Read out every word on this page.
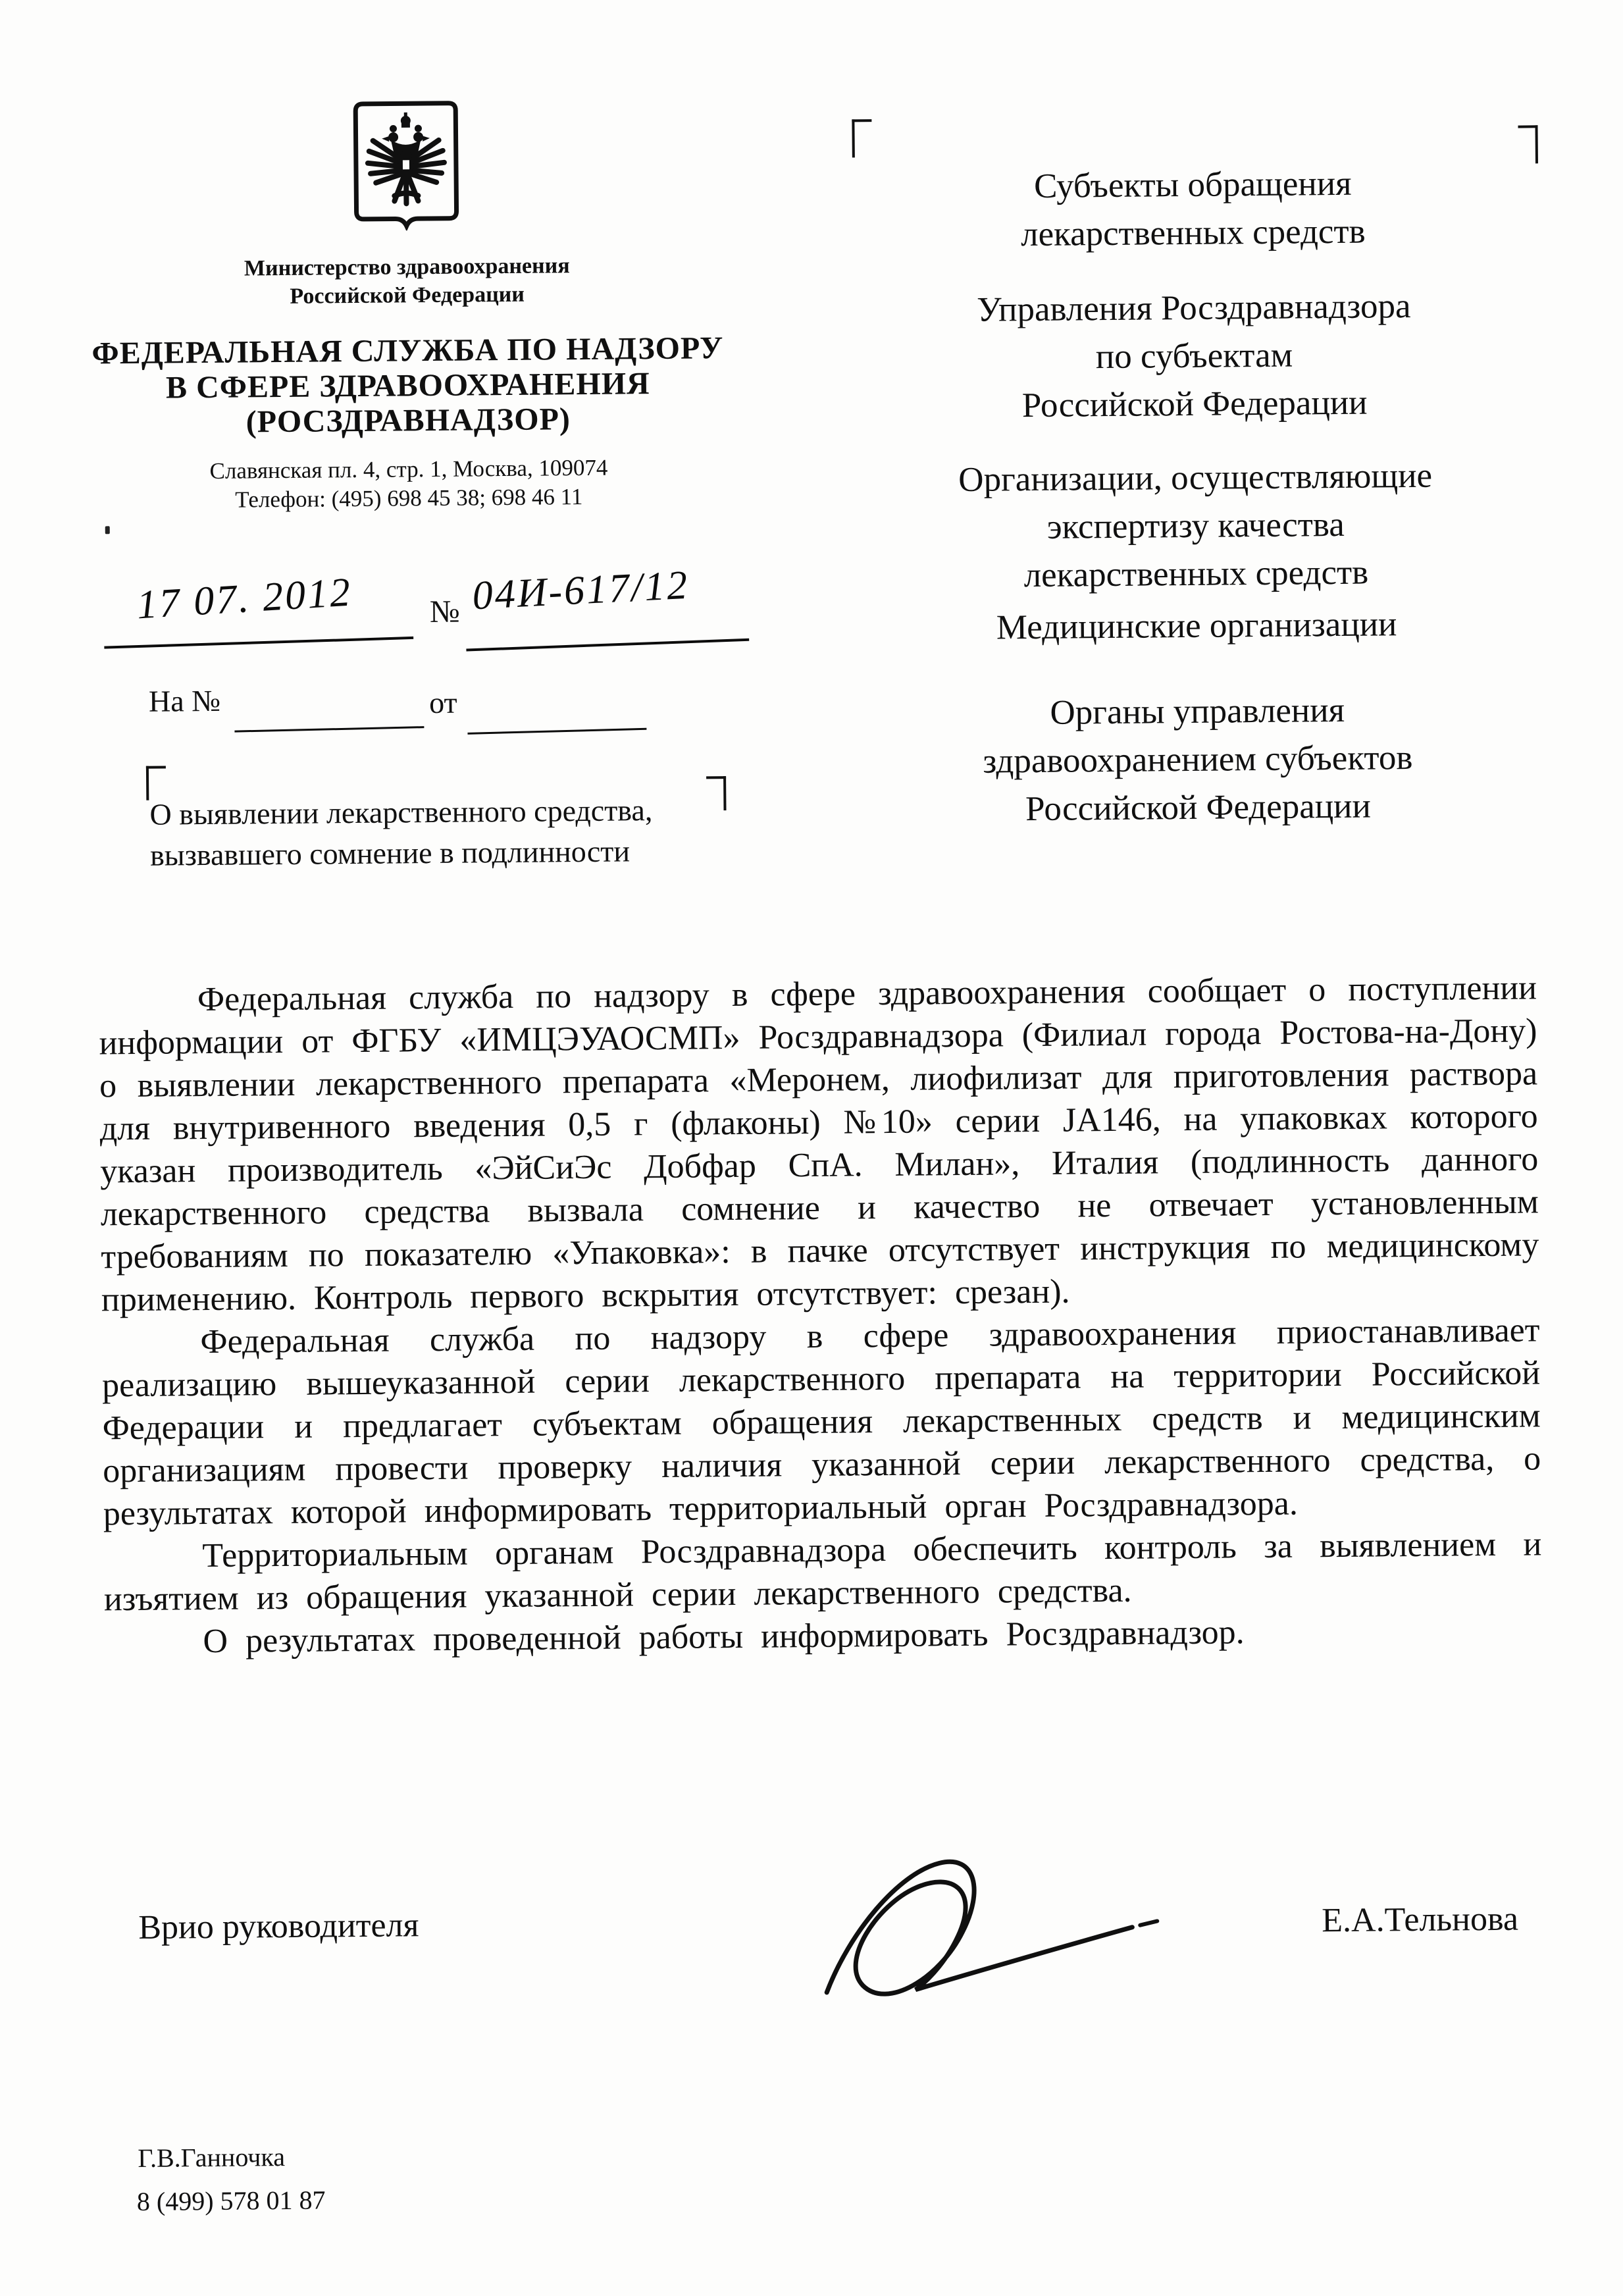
Министерство здравоохранения
Российской Федерации
ФЕДЕРАЛЬНАЯ СЛУЖБА ПО НАДЗОРУ
В СФЕРЕ ЗДРАВООХРАНЕНИЯ
(РОСЗДРАВНАДЗОР)
Славянская пл. 4, стр. 1, Москва, 109074
Телефон: (495) 698 45 38; 698 46 11
17 07. 2012 № 04И-617/12
На №	от
О выявлении лекарственного средства,
вызвавшего сомнение в подлинности
Субъекты обращения
лекарственных средств
Управления Росздравнадзора
по субъектам
Российской Федерации
Организации, осуществляющие
экспертизу качества
лекарственных средств
Медицинские организации
Органы управления
здравоохранением субъектов
Российской Федерации

Федеральная служба по надзору в сфере здравоохранения сообщает о поступлении информации от ФГБУ «ИМЦЭУАОСМП» Росздравнадзора (Филиал города Ростова-на-Дону) о выявлении лекарственного препарата «Меронем, лиофилизат для приготовления раствора для внутривенного введения 0,5 г (флаконы) №10» серии JA146, на упаковках которого указан производитель «ЭйСиЭс Добфар СпА. Милан», Италия (подлинность данного лекарственного средства вызвала сомнение и качество не отвечает установленным требованиям по показателю «Упаковка»: в пачке отсутствует инструкция по медицинскому применению. Контроль первого вскрытия отсутствует: срезан).

Федеральная служба по надзору в сфере здравоохранения приостанавливает реализацию вышеуказанной серии лекарственного препарата на территории Российской Федерации и предлагает субъектам обращения лекарственных средств и медицинским организациям провести проверку наличия указанной серии лекарственного средства, о результатах которой информировать территориальный орган Росздравнадзора.

Территориальным органам Росздравнадзора обеспечить контроль за выявлением и изъятием из обращения указанной серии лекарственного средства.

О результатах проведенной работы информировать Росздравнадзор.

Врио руководителя	Е.А.Тельнова
Г.В.Ганночка
8 (499) 578 01 87
